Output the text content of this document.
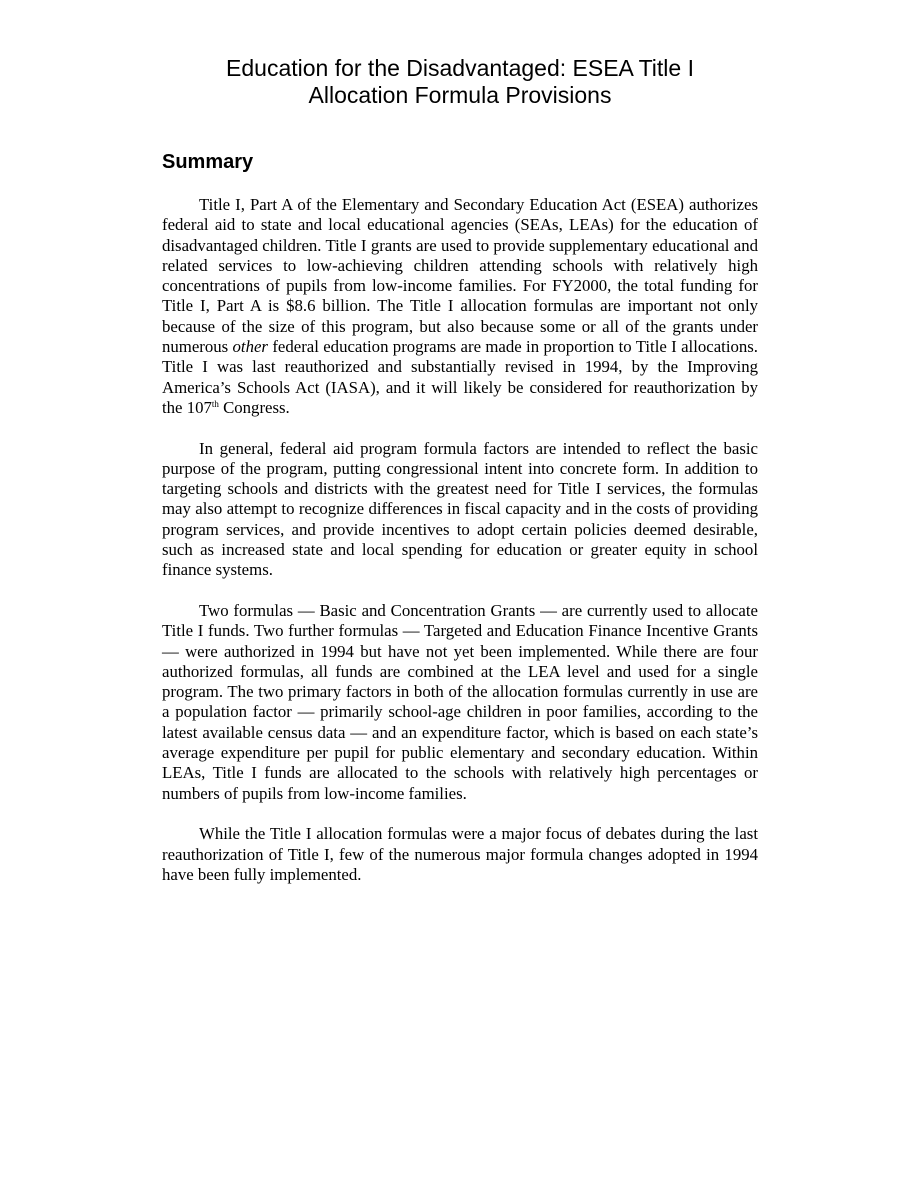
Education for the Disadvantaged: ESEA Title I
Allocation Formula Provisions
Summary

Title I, Part A of the Elementary and Secondary Education Act (ESEA) authorizes federal aid to state and local educational agencies (SEAs, LEAs) for the education of disadvantaged children. Title I grants are used to provide supplementary educational and related services to low-achieving children attending schools with relatively high concentrations of pupils from low-income families. For FY2000, the total funding for Title I, Part A is $8.6 billion. The Title I allocation formulas are important not only because of the size of this program, but also because some or all of the grants under numerous other federal education programs are made in proportion to Title I allocations. Title I was last reauthorized and substantially revised in 1994, by the Improving America’s Schools Act (IASA), and it will likely be considered for reauthorization by the 107th Congress.

In general, federal aid program formula factors are intended to reflect the basic purpose of the program, putting congressional intent into concrete form. In addition to targeting schools and districts with the greatest need for Title I services, the formulas may also attempt to recognize differences in fiscal capacity and in the costs of providing program services, and provide incentives to adopt certain policies deemed desirable, such as increased state and local spending for education or greater equity in school finance systems.

Two formulas — Basic and Concentration Grants — are currently used to allocate Title I funds. Two further formulas — Targeted and Education Finance Incentive Grants — were authorized in 1994 but have not yet been implemented. While there are four authorized formulas, all funds are combined at the LEA level and used for a single program. The two primary factors in both of the allocation formulas currently in use are a population factor — primarily school-age children in poor families, according to the latest available census data — and an expenditure factor, which is based on each state’s average expenditure per pupil for public elementary and secondary education. Within LEAs, Title I funds are allocated to the schools with relatively high percentages or numbers of pupils from low-income families.

While the Title I allocation formulas were a major focus of debates during the last reauthorization of Title I, few of the numerous major formula changes adopted in 1994 have been fully implemented.
